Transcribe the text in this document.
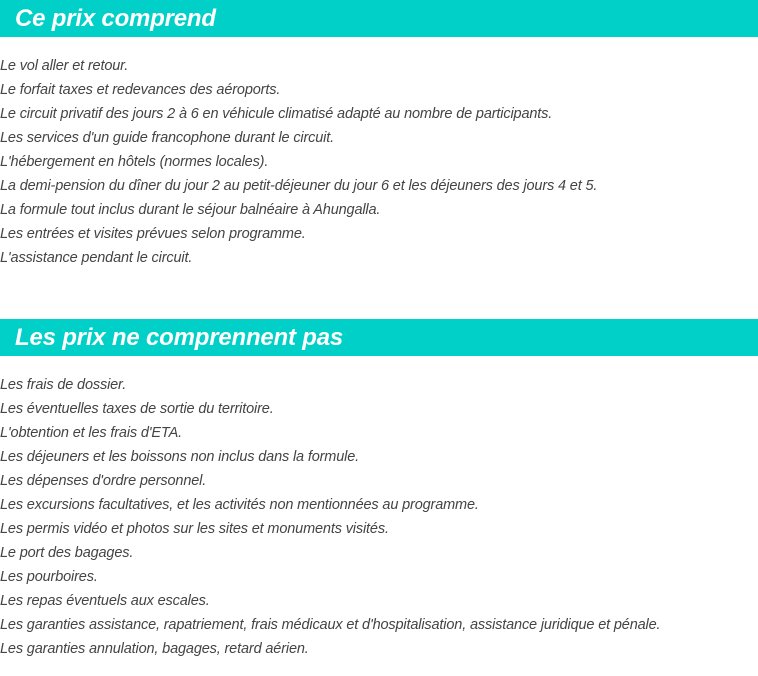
Ce prix comprend
Le vol aller et retour.
Le forfait taxes et redevances des aéroports.
Le circuit privatif des jours 2 à 6 en véhicule climatisé adapté au nombre de participants.
Les services d'un guide francophone durant le circuit.
L'hébergement en hôtels (normes locales).
La demi-pension du dîner du jour 2 au petit-déjeuner du jour 6 et les déjeuners des jours 4 et 5.
La formule tout inclus durant le séjour balnéaire à Ahungalla.
Les entrées et visites prévues selon programme.
L'assistance pendant le circuit.
Les prix ne comprennent pas
Les frais de dossier.
Les éventuelles taxes de sortie du territoire.
L'obtention et les frais d'ETA.
Les déjeuners et les boissons non inclus dans la formule.
Les dépenses d'ordre personnel.
Les excursions facultatives, et les activités non mentionnées au programme.
Les permis vidéo et photos sur les sites et monuments visités.
Le port des bagages.
Les pourboires.
Les repas éventuels aux escales.
Les garanties assistance, rapatriement, frais médicaux et d'hospitalisation, assistance juridique et pénale.
Les garanties annulation, bagages, retard aérien.
